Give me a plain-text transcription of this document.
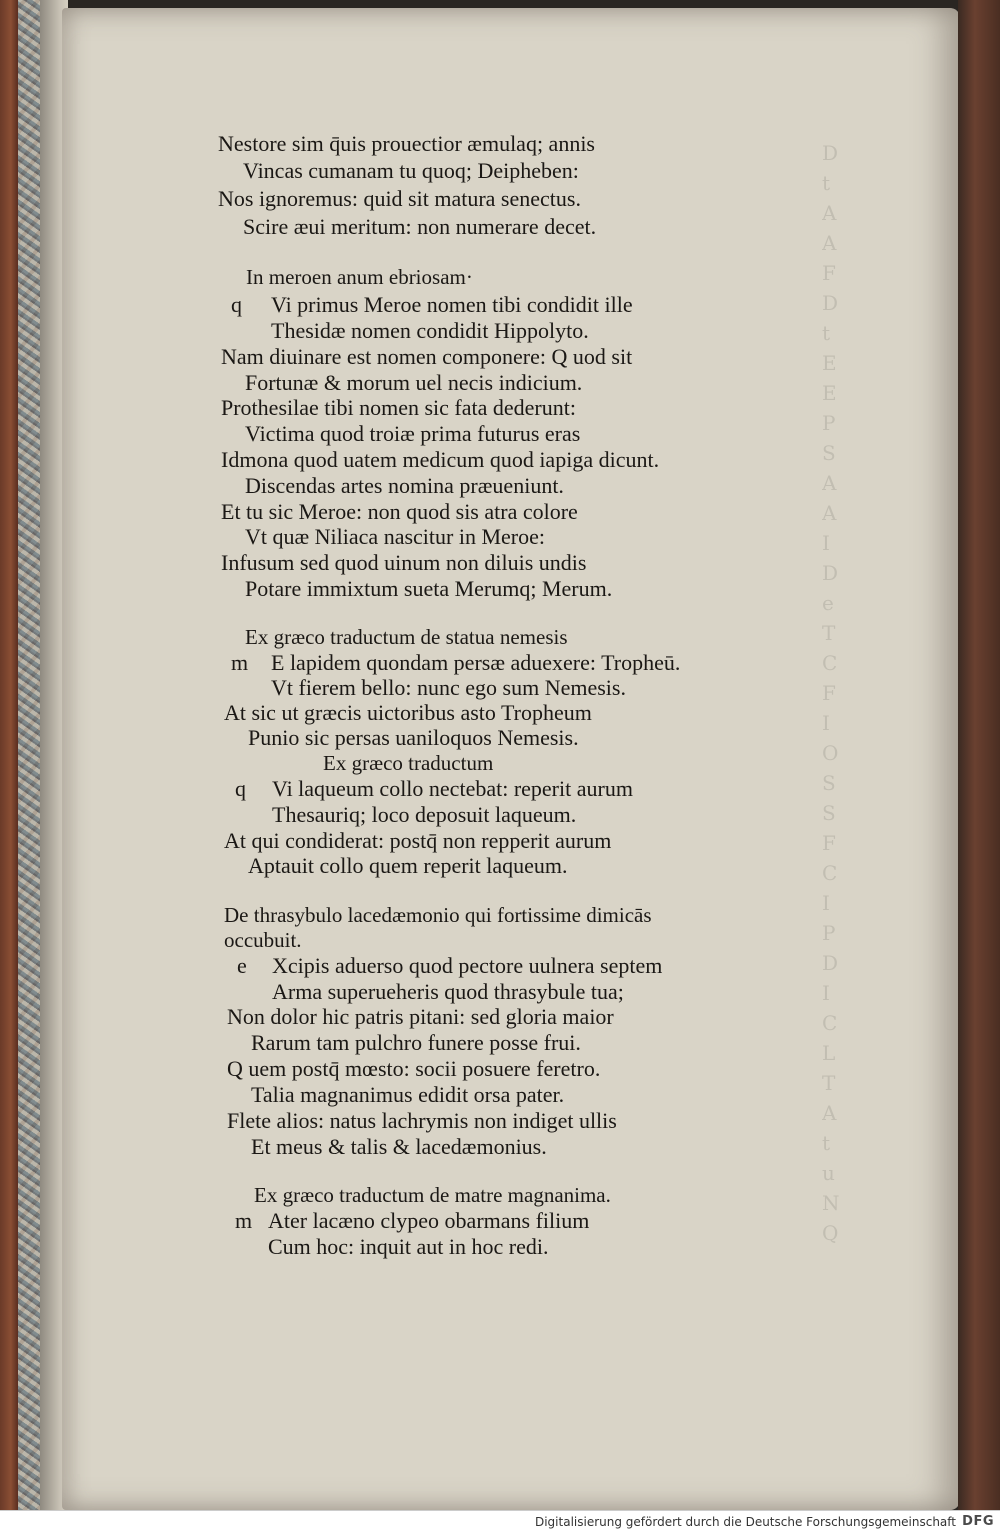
D
t
A
A
F
D
t
E
E
P
S
A
A
I
D
e
T
C
F
I
O
S
S
F
C
I
P
D
I
C
L
T
A
t
u
N
Q
Nestore sim q̄uis prouectior æmulaq; annis
Vincas cumanam tu quoq; Deipheben:
Nos ignoremus: quid sit matura senectus.
Scire æui meritum: non numerare decet.
In meroen anum ebriosam·
q Vi primus Meroe nomen tibi condidit ille
Thesidæ nomen condidit Hippolyto.
Nam diuinare est nomen componere: Q uod sit
Fortunæ & morum uel necis indicium.
Prothesilae tibi nomen sic fata dederunt:
Victima quod troiæ prima futurus eras
Idmona quod uatem medicum quod iapiga dicunt.
Discendas artes nomina præueniunt.
Et tu sic Meroe: non quod sis atra colore
Vt quæ Niliaca nascitur in Meroe:
Infusum sed quod uinum non diluis undis
Potare immixtum sueta Merumq; Merum.
Ex græco traductum de statua nemesis
m E lapidem quondam persæ aduexere: Tropheū.
Vt fierem bello: nunc ego sum Nemesis.
At sic ut græcis uictoribus asto Tropheum
Punio sic persas uaniloquos Nemesis.
Ex græco traductum
q Vi laqueum collo nectebat: reperit aurum
Thesauriq; loco deposuit laqueum.
At qui condiderat: postq̄ non repperit aurum
Aptauit collo quem reperit laqueum.
De thrasybulo lacedæmonio qui fortissime dimicās
occubuit.
e Xcipis aduerso quod pectore uulnera septem
Arma superueheris quod thrasybule tua;
Non dolor hic patris pitani: sed gloria maior
Rarum tam pulchro funere posse frui.
Q uem postq̄ mœsto: socii posuere feretro.
Talia magnanimus edidit orsa pater.
Flete alios: natus lachrymis non indiget ullis
Et meus & talis & lacedæmonius.
Ex græco traductum de matre magnanima.
m Ater lacæno clypeo obarmans filium
Cum hoc: inquit aut in hoc redi.
Digitalisierung gefördert durch die Deutsche Forschungsgemeinschaft DFG
